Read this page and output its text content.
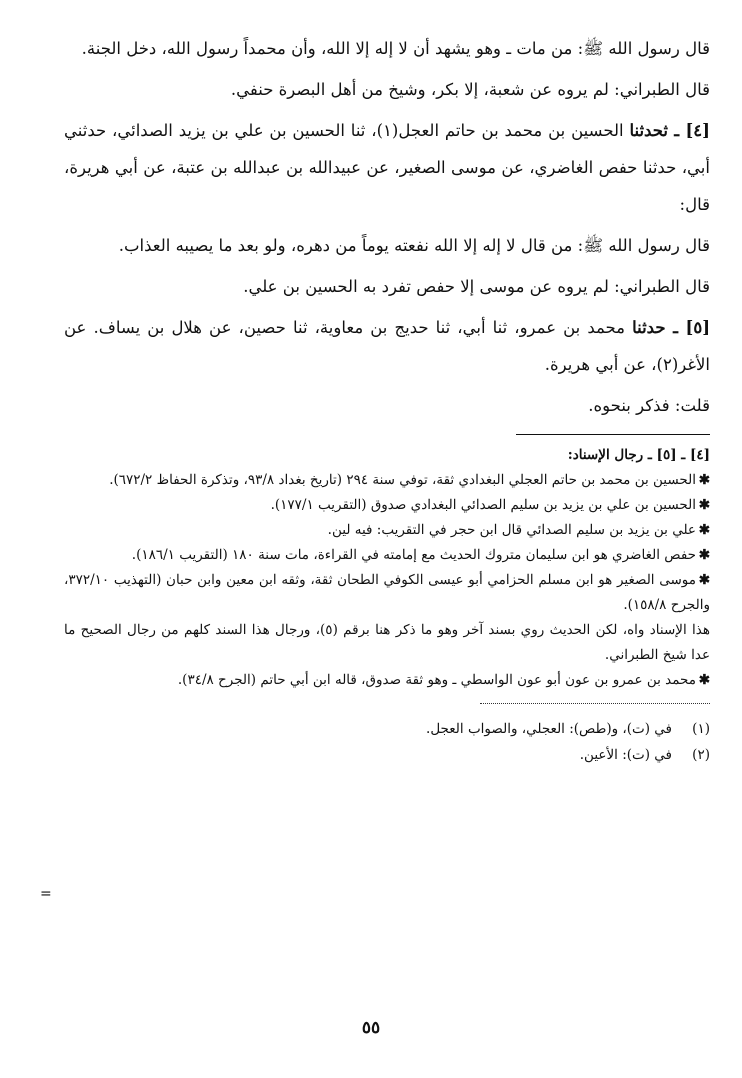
قال رسول الله ﷺ: من مات ـ وهو يشهد أن لا إله إلا الله، وأن محمداً رسول الله، دخل الجنة.

قال الطبراني: لم يروه عن شعبة، إلا بكر، وشيخ من أهل البصرة حنفي.

[٤] ـ ثحدثنا الحسين بن محمد بن حاتم العجل(١)، ثنا الحسين بن علي بن يزيد الصدائي، حدثني أبي، حدثنا حفص الغاضري، عن موسى الصغير، عن عبيدالله بن عبدالله بن عتبة، عن أبي هريرة، قال:

قال رسول الله ﷺ: من قال لا إله إلا الله نفعته يوماً من دهره، ولو بعد ما يصيبه العذاب.

قال الطبراني: لم يروه عن موسى إلا حفص تفرد به الحسين بن علي.

[٥] ـ حدثنا محمد بن عمرو، ثنا أبي، ثنا حديج بن معاوية، ثنا حصين، عن هلال بن يساف. عن الأغر(٢)، عن أبي هريرة.

قلت: فذكر بنحوه.

[٤] ـ [٥] ـ رجال الإسناد:
✱الحسين بن محمد بن حاتم العجلي البغدادي ثقة، توفي سنة ٢٩٤ (تاريخ بغداد ٩٣/٨، وتذكرة الحفاظ ٦٧٢/٢).
✱الحسين بن علي بن يزيد بن سليم الصدائي البغدادي صدوق (التقريب ١٧٧/١).
✱علي بن يزيد بن سليم الصدائي قال ابن حجر في التقريب: فيه لين.
✱حفص الغاضري هو ابن سليمان متروك الحديث مع إمامته في القراءة، مات سنة ١٨٠ (التقريب ١٨٦/١).
✱موسى الصغير هو ابن مسلم الحزامي أبو عيسى الكوفي الطحان ثقة، وثقه ابن معين وابن حبان (التهذيب ٣٧٢/١٠، والجرح ١٥٨/٨).
هذا الإسناد واه، لكن الحديث روي بسند آخر وهو ما ذكر هنا برقم (٥)، ورجال هذا السند كلهم من رجال الصحيح ما عدا شيخ الطبراني.
✱محمد بن عمرو بن عون أبو عون الواسطي ـ وهو ثقة صدوق، قاله ابن أبي حاتم (الجرح ٣٤/٨).
(١)
في (ت)، و(طص): العجلي، والصواب العجل.
(٢)
في (ت): الأعين.
=
٥٥
